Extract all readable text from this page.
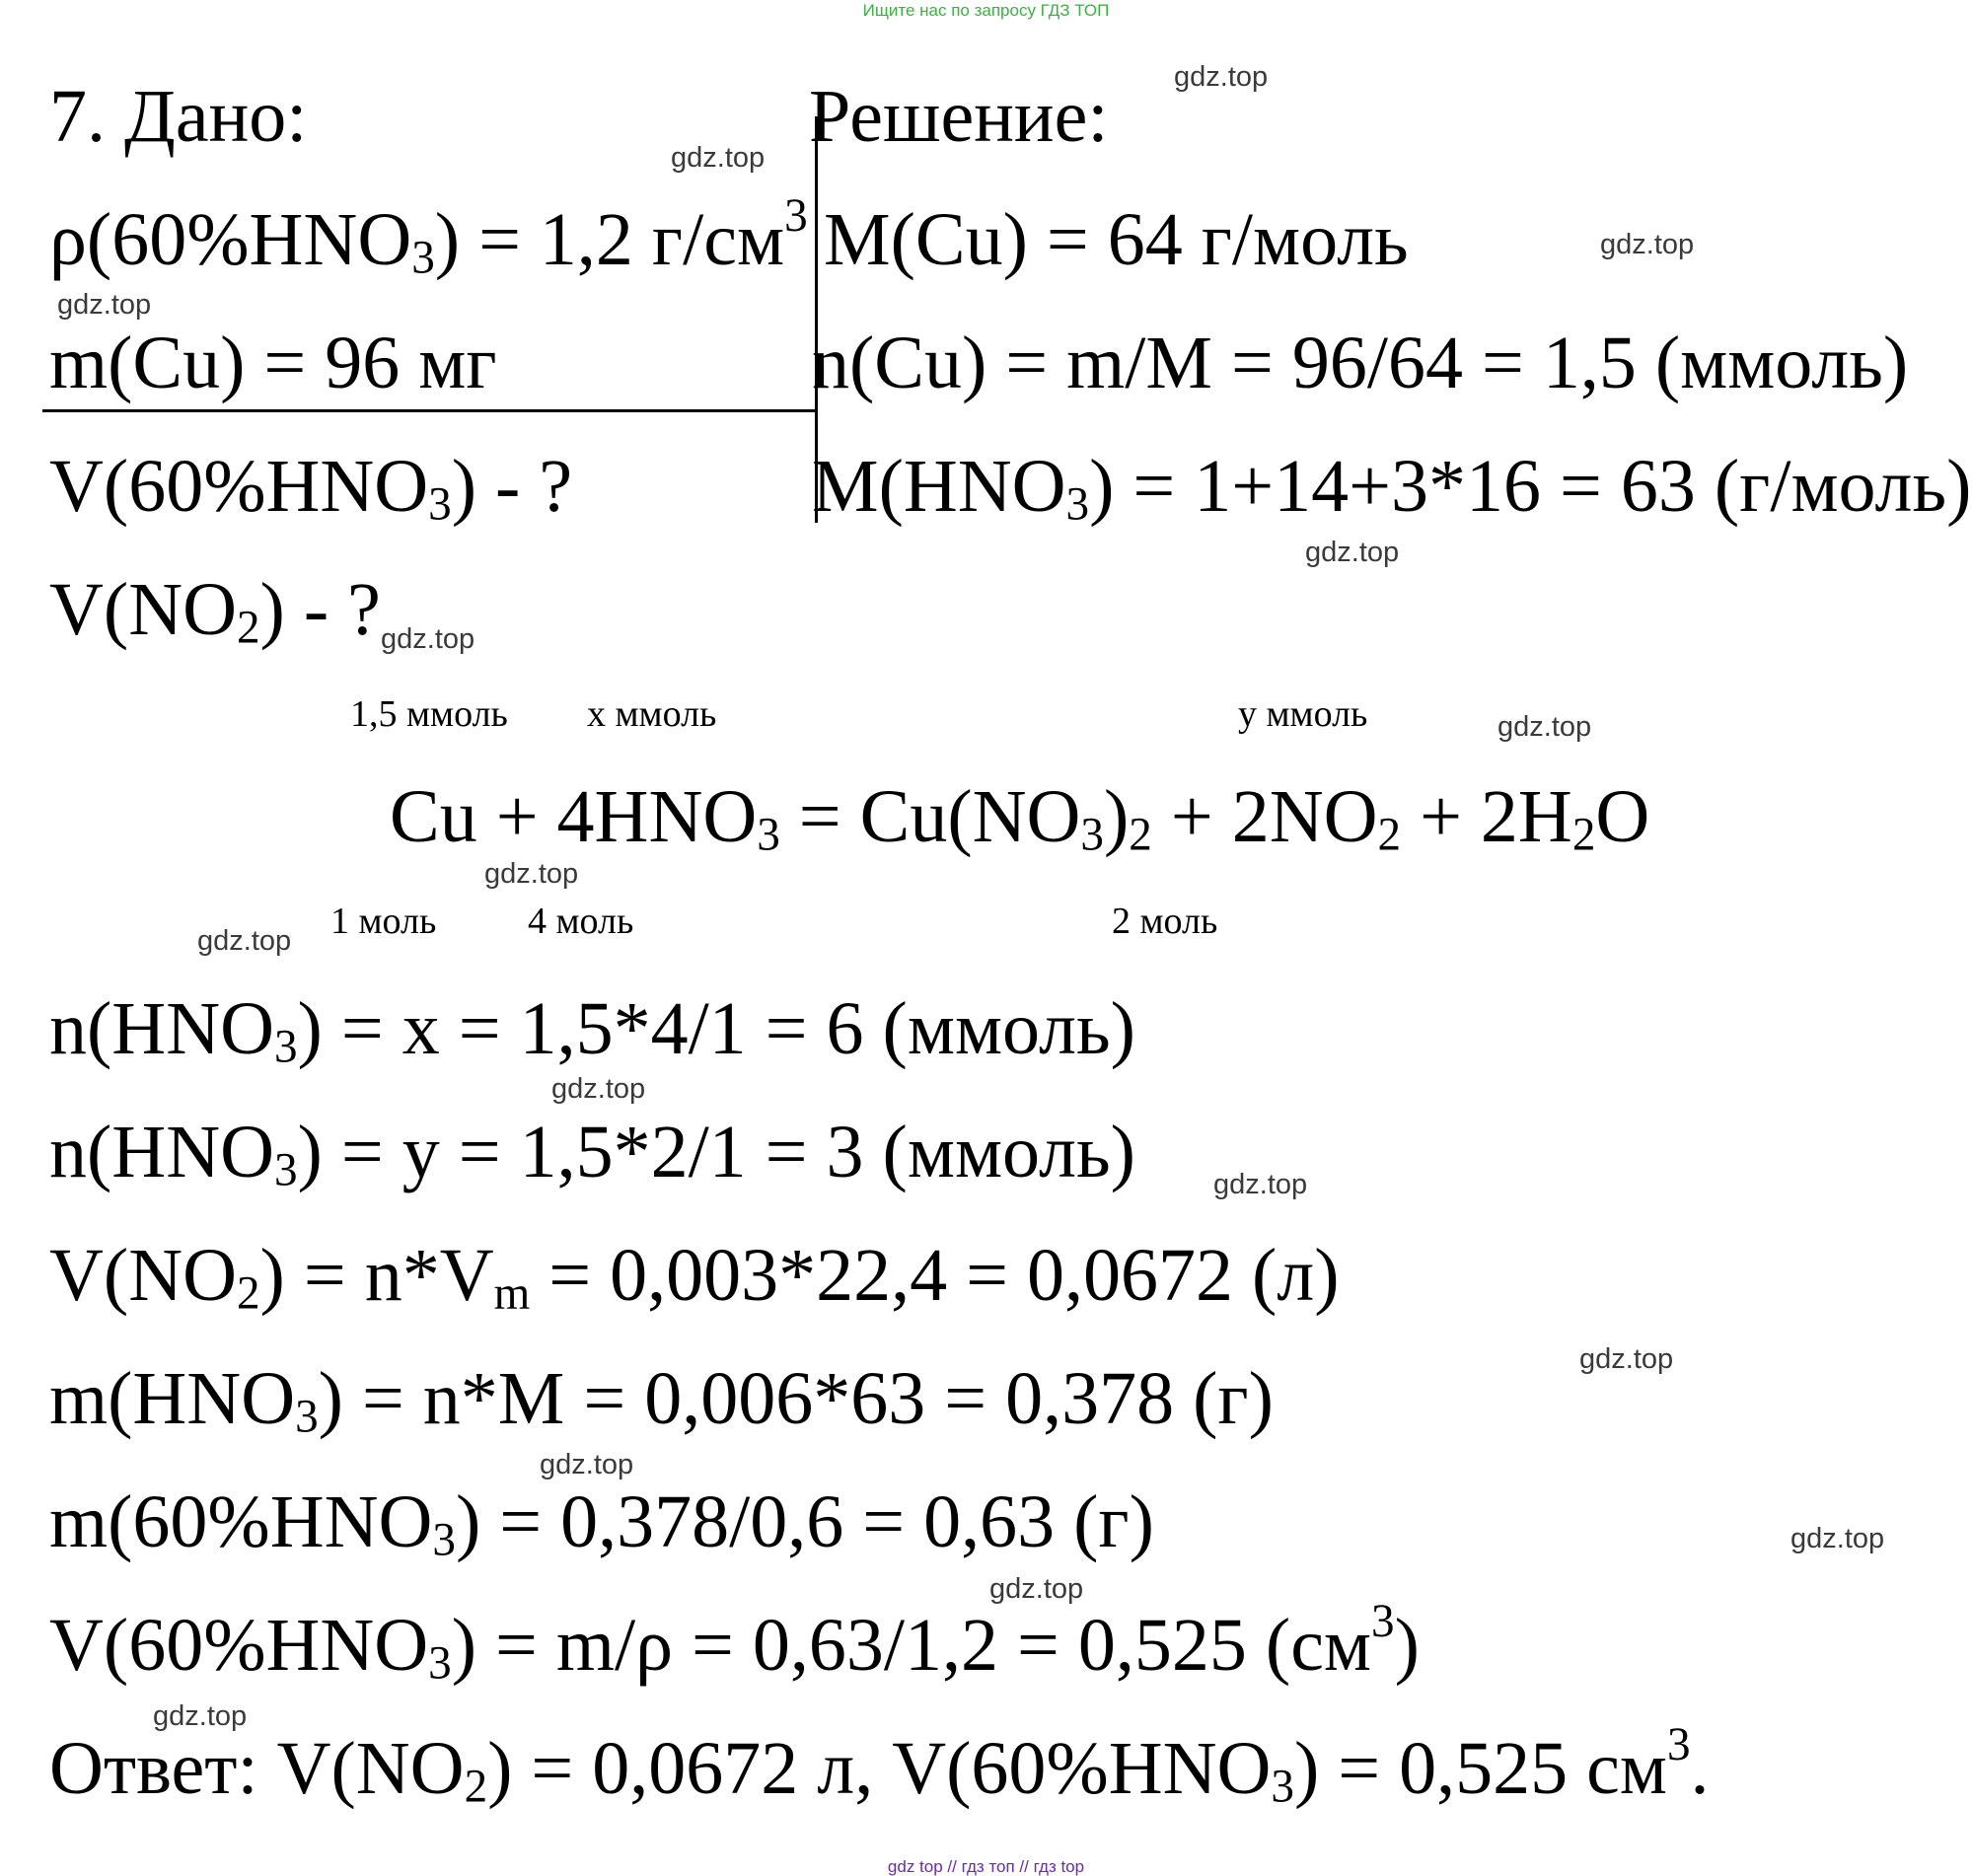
Ищите нас по запросу ГДЗ ТОП
7. Дано:
$\rho(60\%HNO_3) = 1,2$ $г/см^3$
m(Cu) = 96 мг
$V(60\%HNO_3)$ - ?
$V(NO_2)$ - ?
Решение:
M(Cu) = 64 г/моль
n(Cu) = m/M = 96/64 = 1,5 (ммоль)
$M(HNO_3) = 1+14+3*16 = 63$ (г/моль)
1,5 ммоль х ммоль	у ммоль
$Cu + 4HNO_3 = Cu(NO_3)_2 + 2NO_2 + 2H_2O$
1 моль 4 моль	2 моль
$n(HNO_3) = x = 1,5*4/1 = 6$ (ммоль)
$n(HNO_3) = y = 1,5*2/1 = 3$ (ммоль)
$V(NO_2) = n*V_m = 0,003*22,4 = 0,0672$ (л)
$m(HNO_3) = n*M = 0,006*63 = 0,378$ (г)
$m(60\%HNO_3) = 0,378/0,6 = 0,63$ (г)
$V(60\%HNO_3) = m/\rho = 0,63/1,2 = 0,525$ $(см^3)$
Ответ: $V(NO_2) = 0,0672$ л, $V(60\%HNO_3) = 0,525$ $см^3$.
gdz.top
gdz.top
gdz.top
gdz.top
gdz.top
gdz.top
gdz.top
gdz.top
gdz.top
gdz.top
gdz.top
gdz.top
gdz.top
gdz.top
gdz.top
gdz.top
gdz top // гдз топ // гдз top
